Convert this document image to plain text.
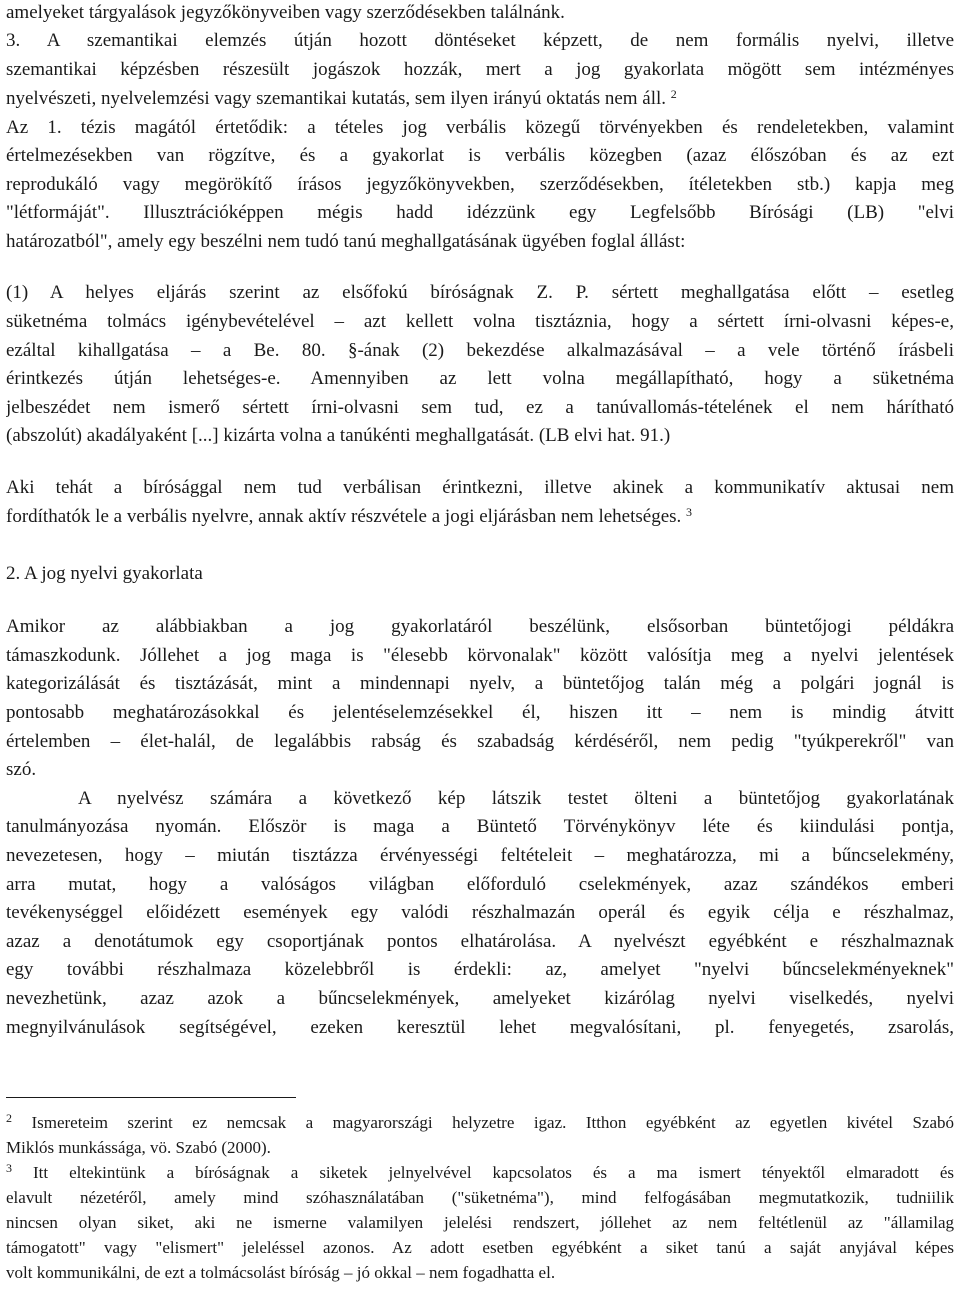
amelyeket tárgyalások jegyzőkönyveiben vagy szerződésekben találnánk.
3. A szemantikai elemzés útján hozott döntéseket képzett, de nem formális nyelvi, illetve
szemantikai képzésben részesült jogászok hozzák, mert a jog gyakorlata mögött sem intézményes
nyelvészeti, nyelvelemzési vagy szemantikai kutatás, sem ilyen irányú oktatás nem áll. $^2$
Az 1. tézis magától értetődik: a tételes jog verbális közegű törvényekben és rendeletekben, valamint
értelmezésekben van rögzítve, és a gyakorlat is verbális közegben (azaz élőszóban és az ezt
reprodukáló vagy megörökítő írásos jegyzőkönyvekben, szerződésekben, ítéletekben stb.) kapja meg
"létformáját". Illusztrációképpen mégis hadd idézzünk egy Legfelsőbb Bírósági (LB) "elvi
határozatból", amely egy beszélni nem tudó tanú meghallgatásának ügyében foglal állást:
(1) A helyes eljárás szerint az elsőfokú bíróságnak Z. P. sértett meghallgatása előtt – esetleg
süketnéma tolmács igénybevételével – azt kellett volna tisztáznia, hogy a sértett írni-olvasni képes-e,
ezáltal kihallgatása – a Be. 80. §-ának (2) bekezdése alkalmazásával – a vele történő írásbeli
érintkezés útján lehetséges-e. Amennyiben az lett volna megállapítható, hogy a süketnéma
jelbeszédet nem ismerő sértett írni-olvasni sem tud, ez a tanúvallomás-tételének el nem hárítható
(abszolút) akadályaként [...] kizárta volna a tanúkénti meghallgatását. (LB elvi hat. 91.)
Aki tehát a bírósággal nem tud verbálisan érintkezni, illetve akinek a kommunikatív aktusai nem
fordíthatók le a verbális nyelvre, annak aktív részvétele a jogi eljárásban nem lehetséges. $^3$
2. A jog nyelvi gyakorlata
Amikor az alábbiakban a jog gyakorlatáról beszélünk, elsősorban büntetőjogi példákra
támaszkodunk. Jóllehet a jog maga is "élesebb körvonalak" között valósítja meg a nyelvi jelentések
kategorizálását és tisztázását, mint a mindennapi nyelv, a büntetőjog talán még a polgári jognál is
pontosabb meghatározásokkal és jelentéselemzésekkel él, hiszen itt – nem is mindig átvitt
értelemben – élet-halál, de legalábbis rabság és szabadság kérdéséről, nem pedig "tyúkperekről" van
szó.
A nyelvész számára a következő kép látszik testet ölteni a büntetőjog gyakorlatának
tanulmányozása nyomán. Először is maga a Büntető Törvénykönyv léte és kiindulási pontja,
nevezetesen, hogy – miután tisztázza érvényességi feltételeit – meghatározza, mi a bűncselekmény,
arra mutat, hogy a valóságos világban előforduló cselekmények, azaz szándékos emberi
tevékenységgel előidézett események egy valódi részhalmazán operál és egyik célja e részhalmaz,
azaz a denotátumok egy csoportjának pontos elhatárolása. A nyelvészt egyébként e részhalmaznak
egy további részhalmaza közelebbről is érdekli: az, amelyet "nyelvi bűncselekményeknek"
nevezhetünk, azaz azok a bűncselekmények, amelyeket kizárólag nyelvi viselkedés, nyelvi
megnyilvánulások segítségével, ezeken keresztül lehet megvalósítani, pl. fenyegetés, zsarolás,
$^2$ Ismereteim szerint ez nemcsak a magyarországi helyzetre igaz. Itthon egyébként az egyetlen kivétel Szabó
Miklós munkássága, vö. Szabó (2000).
$^3$ Itt eltekintünk a bíróságnak a siketek jelnyelvével kapcsolatos és a ma ismert tényektől elmaradott és
elavult nézetéről, amely mind szóhasználatában ("süketnéma"), mind felfogásában megmutatkozik, tudniilik
nincsen olyan siket, aki ne ismerne valamilyen jelelési rendszert, jóllehet az nem feltétlenül az "államilag
támogatott" vagy "elismert" jeleléssel azonos. Az adott esetben egyébként a siket tanú a saját anyjával képes
volt kommunikálni, de ezt a tolmácsolást bíróság – jó okkal – nem fogadhatta el.
